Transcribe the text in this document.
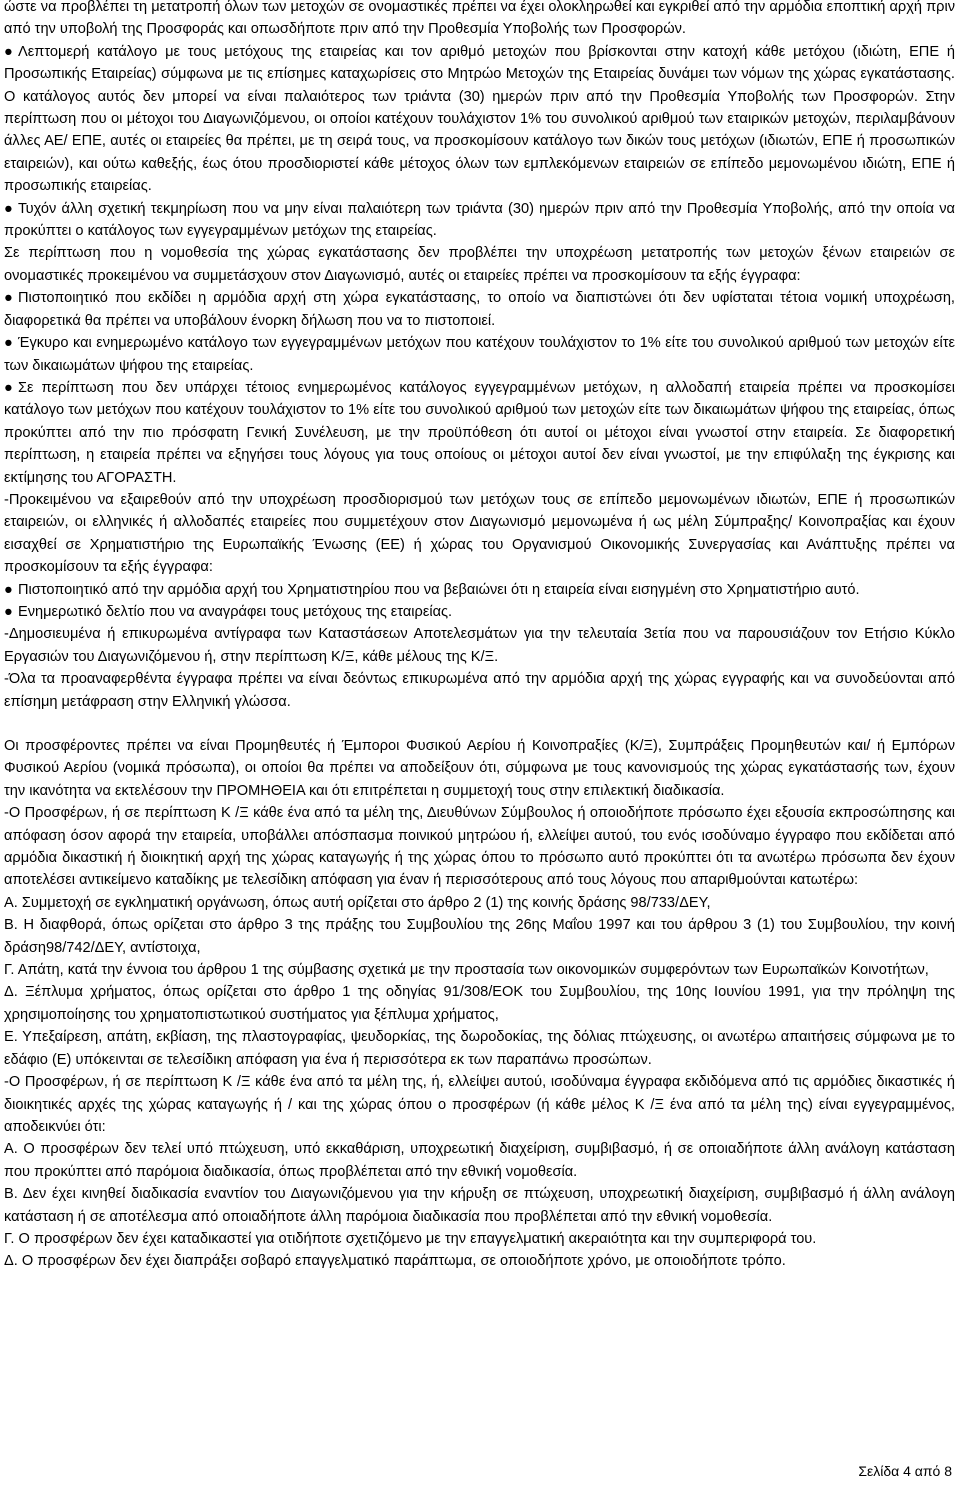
ώστε να προβλέπει τη μετατροπή όλων των μετοχών σε ονομαστικές πρέπει να έχει ολοκληρωθεί και εγκριθεί από την αρμόδια εποπτική αρχή πριν από την υποβολή της Προσφοράς και οπωσδήποτε πριν από την Προθεσμία Υποβολής των Προσφορών.
● Λεπτομερή κατάλογο με τους μετόχους της εταιρείας και τον αριθμό μετοχών που βρίσκονται στην κατοχή κάθε μετόχου (ιδιώτη, ΕΠΕ ή Προσωπικής Εταιρείας) σύμφωνα με τις επίσημες καταχωρίσεις στο Μητρώο Μετοχών της Εταιρείας δυνάμει των νόμων της χώρας εγκατάστασης. Ο κατάλογος αυτός δεν μπορεί να είναι παλαιότερος των τριάντα (30) ημερών πριν από την Προθεσμία Υποβολής των Προσφορών. Στην περίπτωση που οι μέτοχοι του Διαγωνιζόμενου, οι οποίοι κατέχουν τουλάχιστον 1% του συνολικού αριθμού των εταιρικών μετοχών, περιλαμβάνουν άλλες ΑΕ/ ΕΠΕ, αυτές οι εταιρείες θα πρέπει, με τη σειρά τους, να προσκομίσουν κατάλογο των δικών τους μετόχων (ιδιωτών, ΕΠΕ ή προσωπικών εταιρειών), και ούτω καθεξής, έως ότου προσδιοριστεί κάθε μέτοχος όλων των εμπλεκόμενων εταιρειών σε επίπεδο μεμονωμένου ιδιώτη, ΕΠΕ ή προσωπικής εταιρείας.
● Τυχόν άλλη σχετική τεκμηρίωση που να μην είναι παλαιότερη των τριάντα (30) ημερών πριν από την Προθεσμία Υποβολής, από την οποία να προκύπτει ο κατάλογος των εγγεγραμμένων μετόχων της εταιρείας.
Σε περίπτωση που η νομοθεσία της χώρας εγκατάστασης δεν προβλέπει την υποχρέωση μετατροπής των μετοχών ξένων εταιρειών σε ονομαστικές προκειμένου να συμμετάσχουν στον Διαγωνισμό, αυτές οι εταιρείες πρέπει να προσκομίσουν τα εξής έγγραφα:
● Πιστοποιητικό που εκδίδει η αρμόδια αρχή στη χώρα εγκατάστασης, το οποίο να διαπιστώνει ότι δεν υφίσταται τέτοια νομική υποχρέωση, διαφορετικά θα πρέπει να υποβάλουν ένορκη δήλωση που να το πιστοποιεί.
● Έγκυρο και ενημερωμένο κατάλογο των εγγεγραμμένων μετόχων που κατέχουν τουλάχιστον το 1% είτε του συνολικού αριθμού των μετοχών είτε των δικαιωμάτων ψήφου της εταιρείας.
● Σε περίπτωση που δεν υπάρχει τέτοιος ενημερωμένος κατάλογος εγγεγραμμένων μετόχων, η αλλοδαπή εταιρεία πρέπει να προσκομίσει κατάλογο των μετόχων που κατέχουν τουλάχιστον το 1% είτε του συνολικού αριθμού των μετοχών είτε των δικαιωμάτων ψήφου της εταιρείας, όπως προκύπτει από την πιο πρόσφατη Γενική Συνέλευση, με την προϋπόθεση ότι αυτοί οι μέτοχοι είναι γνωστοί στην εταιρεία. Σε διαφορετική περίπτωση, η εταιρεία πρέπει να εξηγήσει τους λόγους για τους οποίους οι μέτοχοι αυτοί δεν είναι γνωστοί, με την επιφύλαξη της έγκρισης και εκτίμησης του ΑΓΟΡΑΣΤΗ.
-Προκειμένου να εξαιρεθούν από την υποχρέωση προσδιορισμού των μετόχων τους σε επίπεδο μεμονωμένων ιδιωτών, ΕΠΕ ή προσωπικών εταιρειών, οι ελληνικές ή αλλοδαπές εταιρείες που συμμετέχουν στον Διαγωνισμό μεμονωμένα ή ως μέλη Σύμπραξης/ Κοινοπραξίας και έχουν εισαχθεί σε Χρηματιστήριο της Ευρωπαϊκής Ένωσης (ΕΕ) ή χώρας του Οργανισμού Οικονομικής Συνεργασίας και Ανάπτυξης πρέπει να προσκομίσουν τα εξής έγγραφα:
● Πιστοποιητικό από την αρμόδια αρχή του Χρηματιστηρίου που να βεβαιώνει ότι η εταιρεία είναι εισηγμένη στο Χρηματιστήριο αυτό.
● Ενημερωτικό δελτίο που να αναγράφει τους μετόχους της εταιρείας.
-Δημοσιευμένα ή επικυρωμένα αντίγραφα των Καταστάσεων Αποτελεσμάτων για την τελευταία 3ετία που να παρουσιάζουν τον Ετήσιο Κύκλο Εργασιών του Διαγωνιζόμενου ή, στην περίπτωση Κ/Ξ, κάθε μέλους της Κ/Ξ.
-Όλα τα προαναφερθέντα έγγραφα πρέπει να είναι δεόντως επικυρωμένα από την αρμόδια αρχή της χώρας εγγραφής και να συνοδεύονται από επίσημη μετάφραση στην Ελληνική γλώσσα.
Οι προσφέροντες πρέπει να είναι Προμηθευτές ή Έμποροι Φυσικού Αερίου ή Κοινοπραξίες (Κ/Ξ), Συμπράξεις Προμηθευτών και/ ή Εμπόρων Φυσικού Αερίου (νομικά πρόσωπα), οι οποίοι θα πρέπει να αποδείξουν ότι, σύμφωνα με τους κανονισμούς της χώρας εγκατάστασής των, έχουν την ικανότητα να εκτελέσουν την ΠΡΟΜΗΘΕΙΑ και ότι επιτρέπεται η συμμετοχή τους στην επιλεκτική διαδικασία.
-Ο Προσφέρων, ή σε περίπτωση Κ /Ξ κάθε ένα από τα μέλη της, Διευθύνων Σύμβουλος ή οποιοδήποτε πρόσωπο έχει εξουσία εκπροσώπησης και απόφαση όσον αφορά την εταιρεία, υποβάλλει απόσπασμα ποινικού μητρώου ή, ελλείψει αυτού, του ενός ισοδύναμο έγγραφο που εκδίδεται από αρμόδια δικαστική ή διοικητική αρχή της χώρας καταγωγής ή της χώρας όπου το πρόσωπο αυτό προκύπτει ότι τα ανωτέρω πρόσωπα δεν έχουν αποτελέσει αντικείμενο καταδίκης με τελεσίδικη απόφαση για έναν ή περισσότερους από τους λόγους που απαριθμούνται κατωτέρω:
Α. Συμμετοχή σε εγκληματική οργάνωση, όπως αυτή ορίζεται στο άρθρο 2 (1) της κοινής δράσης 98/733/ΔΕΥ,
Β. Η διαφθορά, όπως ορίζεται στο άρθρο 3 της πράξης του Συμβουλίου της 26ης Μαΐου 1997 και του άρθρου 3 (1) του Συμβουλίου, την κοινή δράση98/742/ΔΕΥ, αντίστοιχα,
Γ. Απάτη, κατά την έννοια του άρθρου 1 της σύμβασης σχετικά με την προστασία των οικονομικών συμφερόντων των Ευρωπαϊκών Κοινοτήτων,
Δ. Ξέπλυμα χρήματος, όπως ορίζεται στο άρθρο 1 της οδηγίας 91/308/ΕΟΚ του Συμβουλίου, της 10ης Ιουνίου 1991, για την πρόληψη της χρησιμοποίησης του χρηματοπιστωτικού συστήματος για ξέπλυμα χρήματος,
Ε. Υπεξαίρεση, απάτη, εκβίαση, της πλαστογραφίας, ψευδορκίας, της δωροδοκίας, της δόλιας πτώχευσης, οι ανωτέρω απαιτήσεις σύμφωνα με το εδάφιο (Ε) υπόκεινται σε τελεσίδικη απόφαση για ένα ή περισσότερα εκ των παραπάνω προσώπων.
-Ο Προσφέρων, ή σε περίπτωση Κ /Ξ κάθε ένα από τα μέλη της, ή, ελλείψει αυτού, ισοδύναμα έγγραφα εκδιδόμενα από τις αρμόδιες δικαστικές ή διοικητικές αρχές της χώρας καταγωγής ή / και της χώρας όπου ο προσφέρων (ή κάθε μέλος Κ /Ξ ένα από τα μέλη της) είναι εγγεγραμμένος, αποδεικνύει ότι:
Α. Ο προσφέρων δεν τελεί υπό πτώχευση, υπό εκκαθάριση, υποχρεωτική διαχείριση, συμβιβασμό, ή σε οποιαδήποτε άλλη ανάλογη κατάσταση που προκύπτει από παρόμοια διαδικασία, όπως προβλέπεται από την εθνική νομοθεσία.
Β. Δεν έχει κινηθεί διαδικασία εναντίον του Διαγωνιζόμενου για την κήρυξη σε πτώχευση, υποχρεωτική διαχείριση, συμβιβασμό ή άλλη ανάλογη κατάσταση ή σε αποτέλεσμα από οποιαδήποτε άλλη παρόμοια διαδικασία που προβλέπεται από την εθνική νομοθεσία.
Γ. Ο προσφέρων δεν έχει καταδικαστεί για οτιδήποτε σχετιζόμενο με την επαγγελματική ακεραιότητα και την συμπεριφορά του.
Δ. Ο προσφέρων δεν έχει διαπράξει σοβαρό επαγγελματικό παράπτωμα, σε οποιοδήποτε χρόνο, με οποιοδήποτε τρόπο.
Σελίδα 4 από 8
